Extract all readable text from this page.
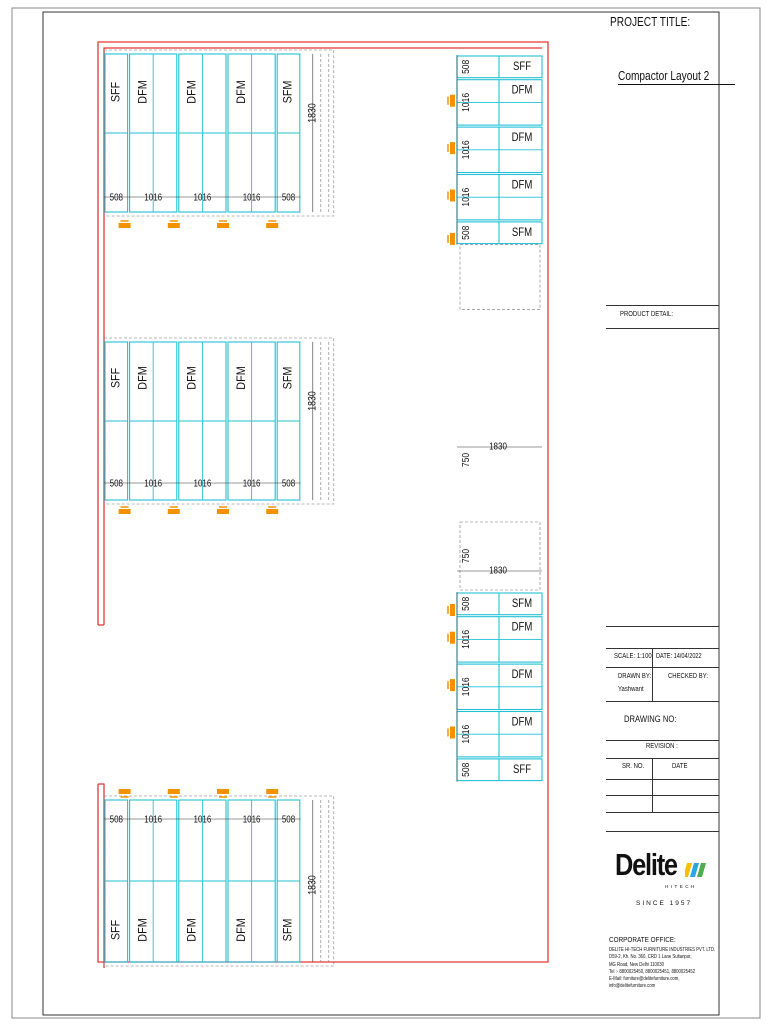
SFF
508
DFM
1016
DFM
1016
DFM
1016
SFM
508
1830
SFF
508
DFM
1016
DFM
1016
DFM
1016
SFM
508
1830
SFF
508
DFM
1016
DFM
1016
DFM
1016
SFM
508
1830
SFF
508
DFM
1016
DFM
1016
DFM
1016
SFM
508
1830
750
1830
750
SFM
508
DFM
1016
DFM
1016
DFM
1016
SFF
508
PROJECT TITLE:
Compactor Layout 2
PRODUCT DETAIL:
SCALE: 1:100 DATE: 14/04/2022
DRAWN BY:
Yashwant
CHECKED BY:
DRAWING NO:
REVISION :
SR. NO.	DATE
Delite
HITECH
SINCE 1957
CORPORATE OFFICE:
DELITE HI-TECH FURNITURE INDUSTRIES PVT. LTD.
D59-2, Kh. No. 360, CRD 1 Lane Sultanpur,
MG Road, New Delhi 110030
Tel :- 8800025450, 8800025451, 8800025452
E-Mail: furniture@delitefurniture.com,
info@delitefurniture.com
